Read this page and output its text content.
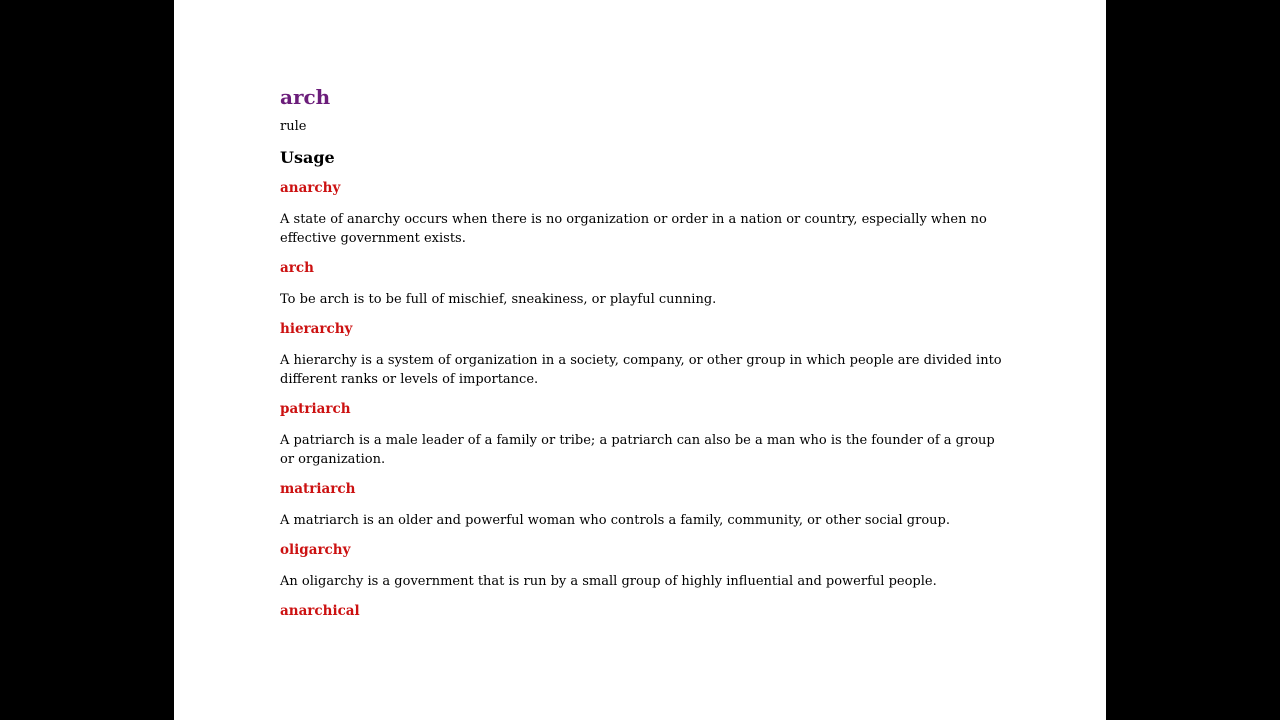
arch

rule

Usage

anarchy

A state of anarchy occurs when there is no organization or order in a nation or country, especially when no effective government exists.

arch

To be arch is to be full of mischief, sneakiness, or playful cunning.

hierarchy

A hierarchy is a system of organization in a society, company, or other group in which people are divided into different ranks or levels of importance.

patriarch

A patriarch is a male leader of a family or tribe; a patriarch can also be a man who is the founder of a group or organization.

matriarch

A matriarch is an older and powerful woman who controls a family, community, or other social group.

oligarchy

An oligarchy is a government that is run by a small group of highly influential and powerful people.

anarchical
